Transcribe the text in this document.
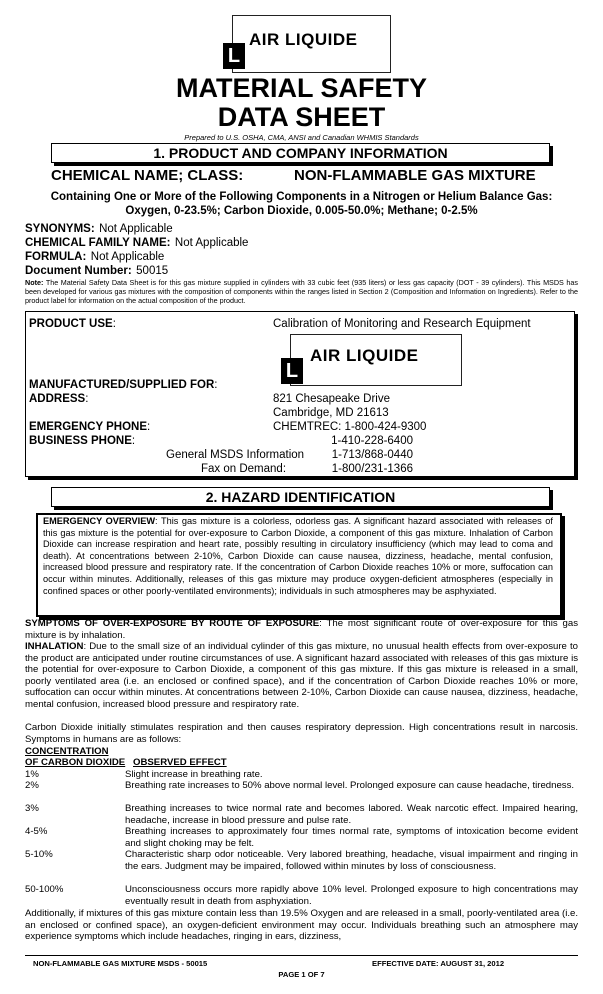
L
AIR LIQUIDE
MATERIAL SAFETY
DATA SHEET
Prepared to U.S. OSHA, CMA, ANSI and Canadian WHMIS Standards
1. PRODUCT AND COMPANY INFORMATION
CHEMICAL NAME; CLASS:	NON-FLAMMABLE GAS MIXTURE
Containing One or More of the Following Components in a Nitrogen or Helium Balance Gas: Oxygen, 0-23.5%; Carbon Dioxide, 0.005-50.0%; Methane; 0-2.5%
SYNONYMS: Not Applicable
CHEMICAL FAMILY NAME: Not Applicable
FORMULA: Not Applicable
Document Number: 50015
Note: The Material Safety Data Sheet is for this gas mixture supplied in cylinders with 33 cubic feet (935 liters) or less gas capacity (DOT - 39 cylinders). This MSDS has been developed for various gas mixtures with the composition of components within the ranges listed in Section 2 (Composition and Information on Ingredients). Refer to the product label for information on the actual composition of the product.
PRODUCT USE:	Calibration of Monitoring and Research Equipment
L
AIR LIQUIDE
MANUFACTURED/SUPPLIED FOR:
ADDRESS:	821 Chesapeake Drive
Cambridge, MD 21613
EMERGENCY PHONE:	CHEMTREC: 1-800-424-9300
BUSINESS PHONE:	1-410-228-6400
General MSDS Information	1-713/868-0440
Fax on Demand:	1-800/231-1366
2. HAZARD IDENTIFICATION
EMERGENCY OVERVIEW: This gas mixture is a colorless, odorless gas. A significant hazard associated with releases of this gas mixture is the potential for over-exposure to Carbon Dioxide, a component of this gas mixture. Inhalation of Carbon Dioxide can increase respiration and heart rate, possibly resulting in circulatory insufficiency (which may lead to coma and death). At concentrations between 2-10%, Carbon Dioxide can cause nausea, dizziness, headache, mental confusion, increased blood pressure and respiratory rate. If the concentration of Carbon Dioxide reaches 10% or more, suffocation can occur within minutes. Additionally, releases of this gas mixture may produce oxygen-deficient atmospheres (especially in confined spaces or other poorly-ventilated environments); individuals in such atmospheres may be asphyxiated.
SYMPTOMS OF OVER-EXPOSURE BY ROUTE OF EXPOSURE: The most significant route of over-exposure for this gas mixture is by inhalation.
INHALATION: Due to the small size of an individual cylinder of this gas mixture, no unusual health effects from over-exposure to the product are anticipated under routine circumstances of use. A significant hazard associated with releases of this gas mixture is the potential for over-exposure to Carbon Dioxide, a component of this gas mixture. If this gas mixture is released in a small, poorly ventilated area (i.e. an enclosed or confined space), and if the concentration of Carbon Dioxide reaches 10% or more, suffocation can occur within minutes. At concentrations between 2-10%, Carbon Dioxide can cause nausea, dizziness, headache, mental confusion, increased blood pressure and respiratory rate.
Carbon Dioxide initially stimulates respiration and then causes respiratory depression. High concentrations result in narcosis. Symptoms in humans are as follows:
CONCENTRATION
OF CARBON DIOXIDE OBSERVED EFFECT
1%	Slight increase in breathing rate.
2%	Breathing rate increases to 50% above normal level. Prolonged exposure can cause headache, tiredness.
3%	Breathing increases to twice normal rate and becomes labored. Weak narcotic effect. Impaired hearing, headache, increase in blood pressure and pulse rate.
4-5%	Breathing increases to approximately four times normal rate, symptoms of intoxication become evident and slight choking may be felt.
5-10%	Characteristic sharp odor noticeable. Very labored breathing, headache, visual impairment and ringing in the ears. Judgment may be impaired, followed within minutes by loss of consciousness.
50-100%	Unconsciousness occurs more rapidly above 10% level. Prolonged exposure to high concentrations may eventually result in death from asphyxiation.
Additionally, if mixtures of this gas mixture contain less than 19.5% Oxygen and are released in a small, poorly-ventilated area (i.e. an enclosed or confined space), an oxygen-deficient environment may occur. Individuals breathing such an atmosphere may experience symptoms which include headaches, ringing in ears, dizziness,
NON-FLAMMABLE GAS MIXTURE MSDS - 50015	EFFECTIVE DATE: AUGUST 31, 2012
PAGE 1 OF 7
